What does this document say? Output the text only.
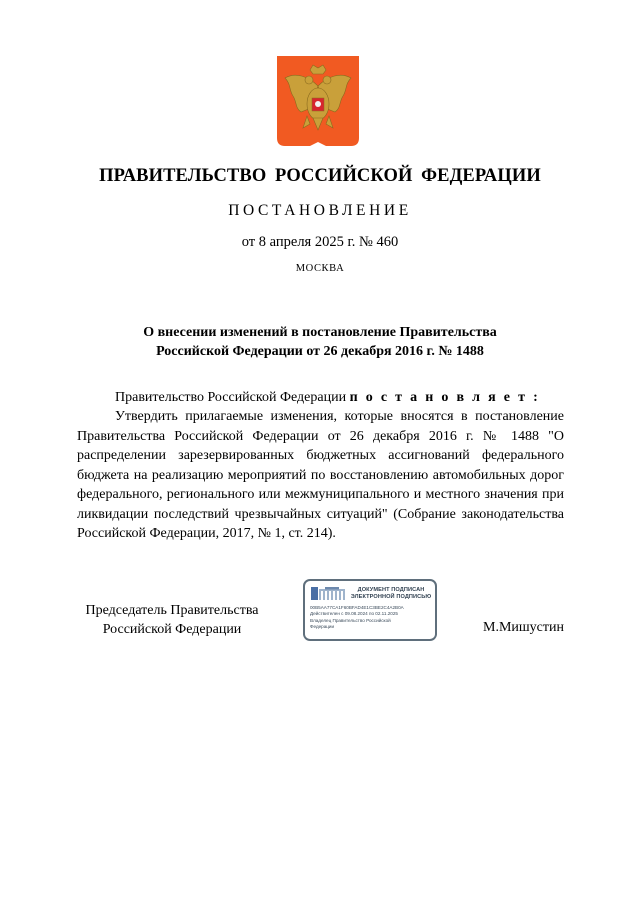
ПРАВИТЕЛЬСТВО РОССИЙСКОЙ ФЕДЕРАЦИИ
ПОСТАНОВЛЕНИЕ
от 8 апреля 2025 г. № 460
МОСКВА
О внесении изменений в постановление Правительства
Российской Федерации от 26 декабря 2016 г. № 1488
Правительство Российской Федерации п о с т а н о в л я е т :
Утвердить прилагаемые изменения, которые вносятся в постановление Правительства Российской Федерации от 26 декабря 2016 г. № 1488 "О распределении зарезервированных бюджетных ассигнований федерального бюджета на реализацию мероприятий по восстановлению автомобильных дорог федерального, регионального или межмуниципального и местного значения при ликвидации последствий чрезвычайных ситуаций" (Собрание законодательства Российской Федерации, 2017, № 1, ст. 214).
Председатель Правительства
Российской Федерации
ДОКУМЕНТ ПОДПИСАН
ЭЛЕКТРОННОЙ ПОДПИСЬЮ
00B5AA77CA1F60BFAD4E1C3BE2C4A2B0A
Действителен с 09.08.2024 по 02.11.2025
Владелец Правительство Российской
Федерации	М.Мишустин
